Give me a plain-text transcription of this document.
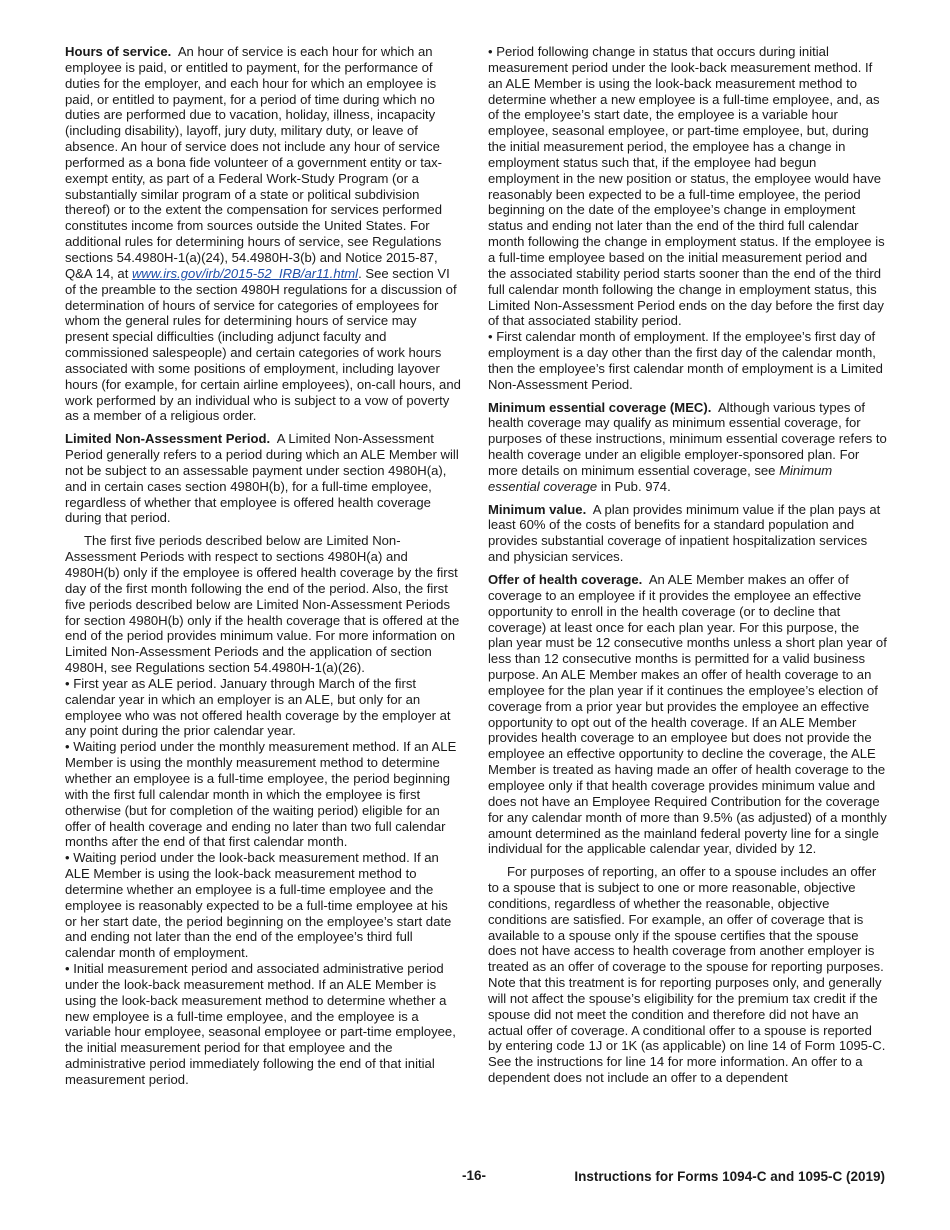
Hours of service. An hour of service is each hour for which an employee is paid, or entitled to payment, for the performance of duties for the employer, and each hour for which an employee is paid, or entitled to payment, for a period of time during which no duties are performed due to vacation, holiday, illness, incapacity (including disability), layoff, jury duty, military duty, or leave of absence. An hour of service does not include any hour of service performed as a bona fide volunteer of a government entity or tax-exempt entity, as part of a Federal Work-Study Program (or a substantially similar program of a state or political subdivision thereof) or to the extent the compensation for services performed constitutes income from sources outside the United States. For additional rules for determining hours of service, see Regulations sections 54.4980H-1(a)(24), 54.4980H-3(b) and Notice 2015-87, Q&A 14, at www.irs.gov/irb/2015-52_IRB/ar11.html. See section VI of the preamble to the section 4980H regulations for a discussion of determination of hours of service for categories of employees for whom the general rules for determining hours of service may present special difficulties (including adjunct faculty and commissioned salespeople) and certain categories of work hours associated with some positions of employment, including layover hours (for example, for certain airline employees), on-call hours, and work performed by an individual who is subject to a vow of poverty as a member of a religious order.

Limited Non-Assessment Period. A Limited Non-Assessment Period generally refers to a period during which an ALE Member will not be subject to an assessable payment under section 4980H(a), and in certain cases section 4980H(b), for a full-time employee, regardless of whether that employee is offered health coverage during that period.

The first five periods described below are Limited Non-Assessment Periods with respect to sections 4980H(a) and 4980H(b) only if the employee is offered health coverage by the first day of the first month following the end of the period. Also, the first five periods described below are Limited Non-Assessment Periods for section 4980H(b) only if the health coverage that is offered at the end of the period provides minimum value. For more information on Limited Non-Assessment Periods and the application of section 4980H, see Regulations section 54.4980H-1(a)(26).

• First year as ALE period. January through March of the first calendar year in which an employer is an ALE, but only for an employee who was not offered health coverage by the employer at any point during the prior calendar year.

• Waiting period under the monthly measurement method. If an ALE Member is using the monthly measurement method to determine whether an employee is a full-time employee, the period beginning with the first full calendar month in which the employee is first otherwise (but for completion of the waiting period) eligible for an offer of health coverage and ending no later than two full calendar months after the end of that first calendar month.

• Waiting period under the look-back measurement method. If an ALE Member is using the look-back measurement method to determine whether an employee is a full-time employee and the employee is reasonably expected to be a full-time employee at his or her start date, the period beginning on the employee’s start date and ending not later than the end of the employee’s third full calendar month of employment.

• Initial measurement period and associated administrative period under the look-back measurement method. If an ALE Member is using the look-back measurement method to determine whether a new employee is a full-time employee, and the employee is a variable hour employee, seasonal employee or part-time employee, the initial measurement period for that employee and the administrative period immediately following the end of that initial measurement period.

• Period following change in status that occurs during initial measurement period under the look-back measurement method. If an ALE Member is using the look-back measurement method to determine whether a new employee is a full-time employee, and, as of the employee’s start date, the employee is a variable hour employee, seasonal employee, or part-time employee, but, during the initial measurement period, the employee has a change in employment status such that, if the employee had begun employment in the new position or status, the employee would have reasonably been expected to be a full-time employee, the period beginning on the date of the employee’s change in employment status and ending not later than the end of the third full calendar month following the change in employment status. If the employee is a full-time employee based on the initial measurement period and the associated stability period starts sooner than the end of the third full calendar month following the change in employment status, this Limited Non-Assessment Period ends on the day before the first day of that associated stability period.

• First calendar month of employment. If the employee’s first day of employment is a day other than the first day of the calendar month, then the employee’s first calendar month of employment is a Limited Non-Assessment Period.

Minimum essential coverage (MEC). Although various types of health coverage may qualify as minimum essential coverage, for purposes of these instructions, minimum essential coverage refers to health coverage under an eligible employer-sponsored plan. For more details on minimum essential coverage, see Minimum essential coverage in Pub. 974.

Minimum value. A plan provides minimum value if the plan pays at least 60% of the costs of benefits for a standard population and provides substantial coverage of inpatient hospitalization services and physician services.

Offer of health coverage. An ALE Member makes an offer of coverage to an employee if it provides the employee an effective opportunity to enroll in the health coverage (or to decline that coverage) at least once for each plan year. For this purpose, the plan year must be 12 consecutive months unless a short plan year of less than 12 consecutive months is permitted for a valid business purpose. An ALE Member makes an offer of health coverage to an employee for the plan year if it continues the employee’s election of coverage from a prior year but provides the employee an effective opportunity to opt out of the health coverage. If an ALE Member provides health coverage to an employee but does not provide the employee an effective opportunity to decline the coverage, the ALE Member is treated as having made an offer of health coverage to the employee only if that health coverage provides minimum value and does not have an Employee Required Contribution for the coverage for any calendar month of more than 9.5% (as adjusted) of a monthly amount determined as the mainland federal poverty line for a single individual for the applicable calendar year, divided by 12.

For purposes of reporting, an offer to a spouse includes an offer to a spouse that is subject to one or more reasonable, objective conditions, regardless of whether the reasonable, objective conditions are satisfied. For example, an offer of coverage that is available to a spouse only if the spouse certifies that the spouse does not have access to health coverage from another employer is treated as an offer of coverage to the spouse for reporting purposes. Note that this treatment is for reporting purposes only, and generally will not affect the spouse’s eligibility for the premium tax credit if the spouse did not meet the condition and therefore did not have an actual offer of coverage. A conditional offer to a spouse is reported by entering code 1J or 1K (as applicable) on line 14 of Form 1095-C. See the instructions for line 14 for more information. An offer to a dependent does not include an offer to a dependent

-16-	Instructions for Forms 1094-C and 1095-C (2019)
